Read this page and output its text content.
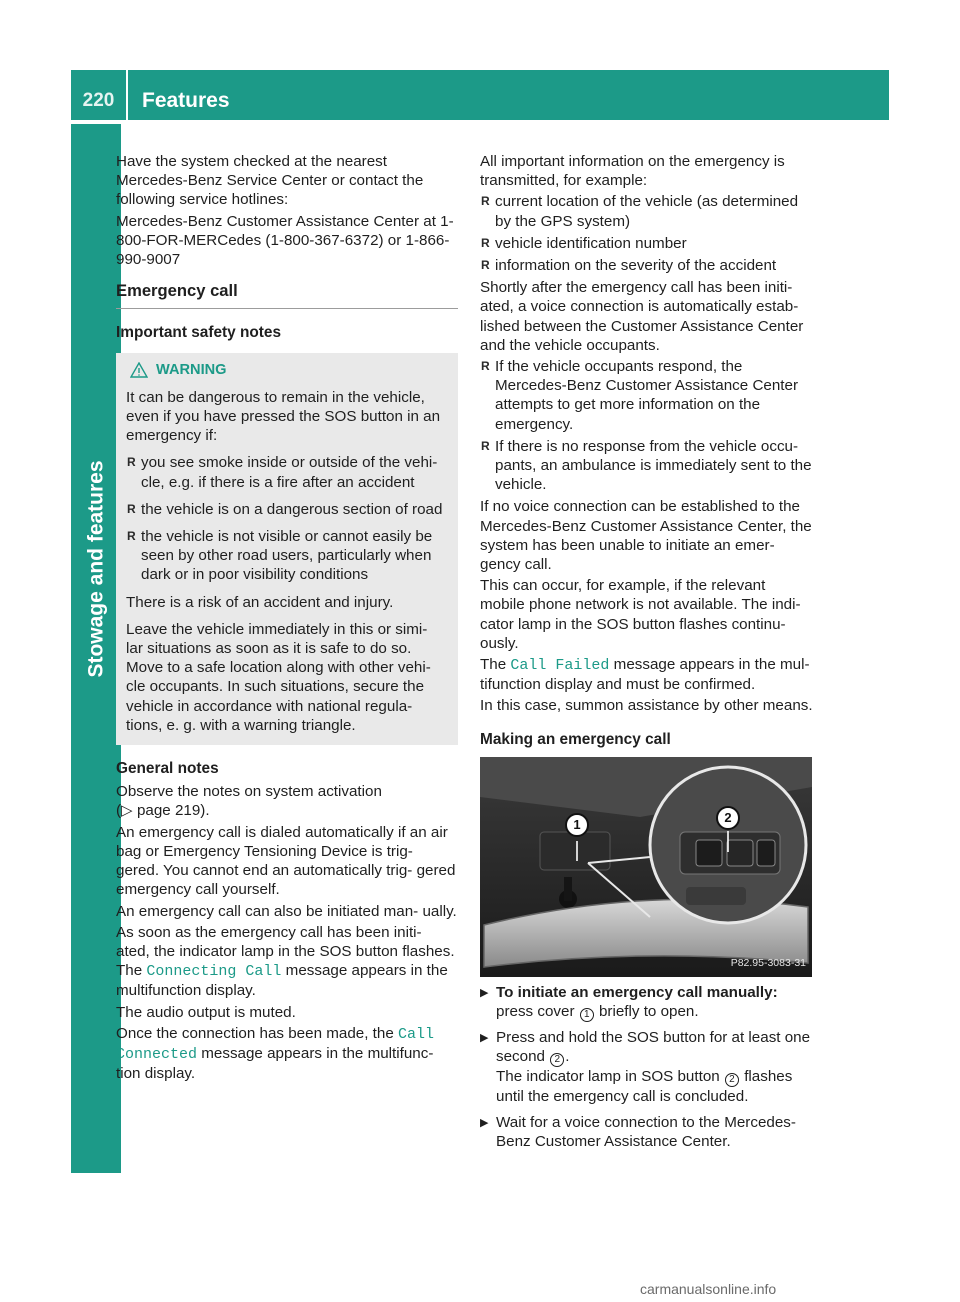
220	Features
Stowage and features

Have the system checked at the nearest Mercedes-Benz Service Center or contact the following service hotlines:

Mercedes-Benz Customer Assistance Center at 1-800-FOR-MERCedes (1-800-367-6372) or 1-866-990-9007

Emergency call
Important safety notes
WARNING

It can be dangerous to remain in the vehicle, even if you have pressed the SOS button in an emergency if:

R you see smoke inside or outside of the vehi- cle, e.g. if there is a fire after an accident
R the vehicle is on a dangerous section of road
R the vehicle is not visible or cannot easily be seen by other road users, particularly when dark or in poor visibility conditions

There is a risk of an accident and injury.

Leave the vehicle immediately in this or simi- lar situations as soon as it is safe to do so. Move to a safe location along with other vehi- cle occupants. In such situations, secure the vehicle in accordance with national regula- tions, e. g. with a warning triangle.

General notes

Observe the notes on system activation
(▷ page 219).

An emergency call is dialed automatically if an air bag or Emergency Tensioning Device is trig- gered. You cannot end an automatically trig- gered emergency call yourself.

An emergency call can also be initiated man- ually.

As soon as the emergency call has been initi- ated, the indicator lamp in the SOS button flashes. The Connecting Call message appears in the multifunction display.

The audio output is muted.

Once the connection has been made, the Call Connected message appears in the multifunc- tion display.

All important information on the emergency is transmitted, for example:

R current location of the vehicle (as determined by the GPS system)
R vehicle identification number
R information on the severity of the accident

Shortly after the emergency call has been initi- ated, a voice connection is automatically estab- lished between the Customer Assistance Center and the vehicle occupants.

R If the vehicle occupants respond, the Mercedes-Benz Customer Assistance Center attempts to get more information on the emergency.
R If there is no response from the vehicle occu- pants, an ambulance is immediately sent to the vehicle.

If no voice connection can be established to the Mercedes-Benz Customer Assistance Center, the system has been unable to initiate an emer- gency call.

This can occur, for example, if the relevant mobile phone network is not available. The indi- cator lamp in the SOS button flashes continu- ously.

The Call Failed message appears in the mul- tifunction display and must be confirmed.

In this case, summon assistance by other means.

Making an emergency call
1	2
P82.95-3083-31
▶ To initiate an emergency call manually:
press cover 1 briefly to open.
▶ Press and hold the SOS button for at least one second 2 .
The indicator lamp in SOS button 2 flashes until the emergency call is concluded.
▶ Wait for a voice connection to the Mercedes- Benz Customer Assistance Center.
carmanualsonline.info
